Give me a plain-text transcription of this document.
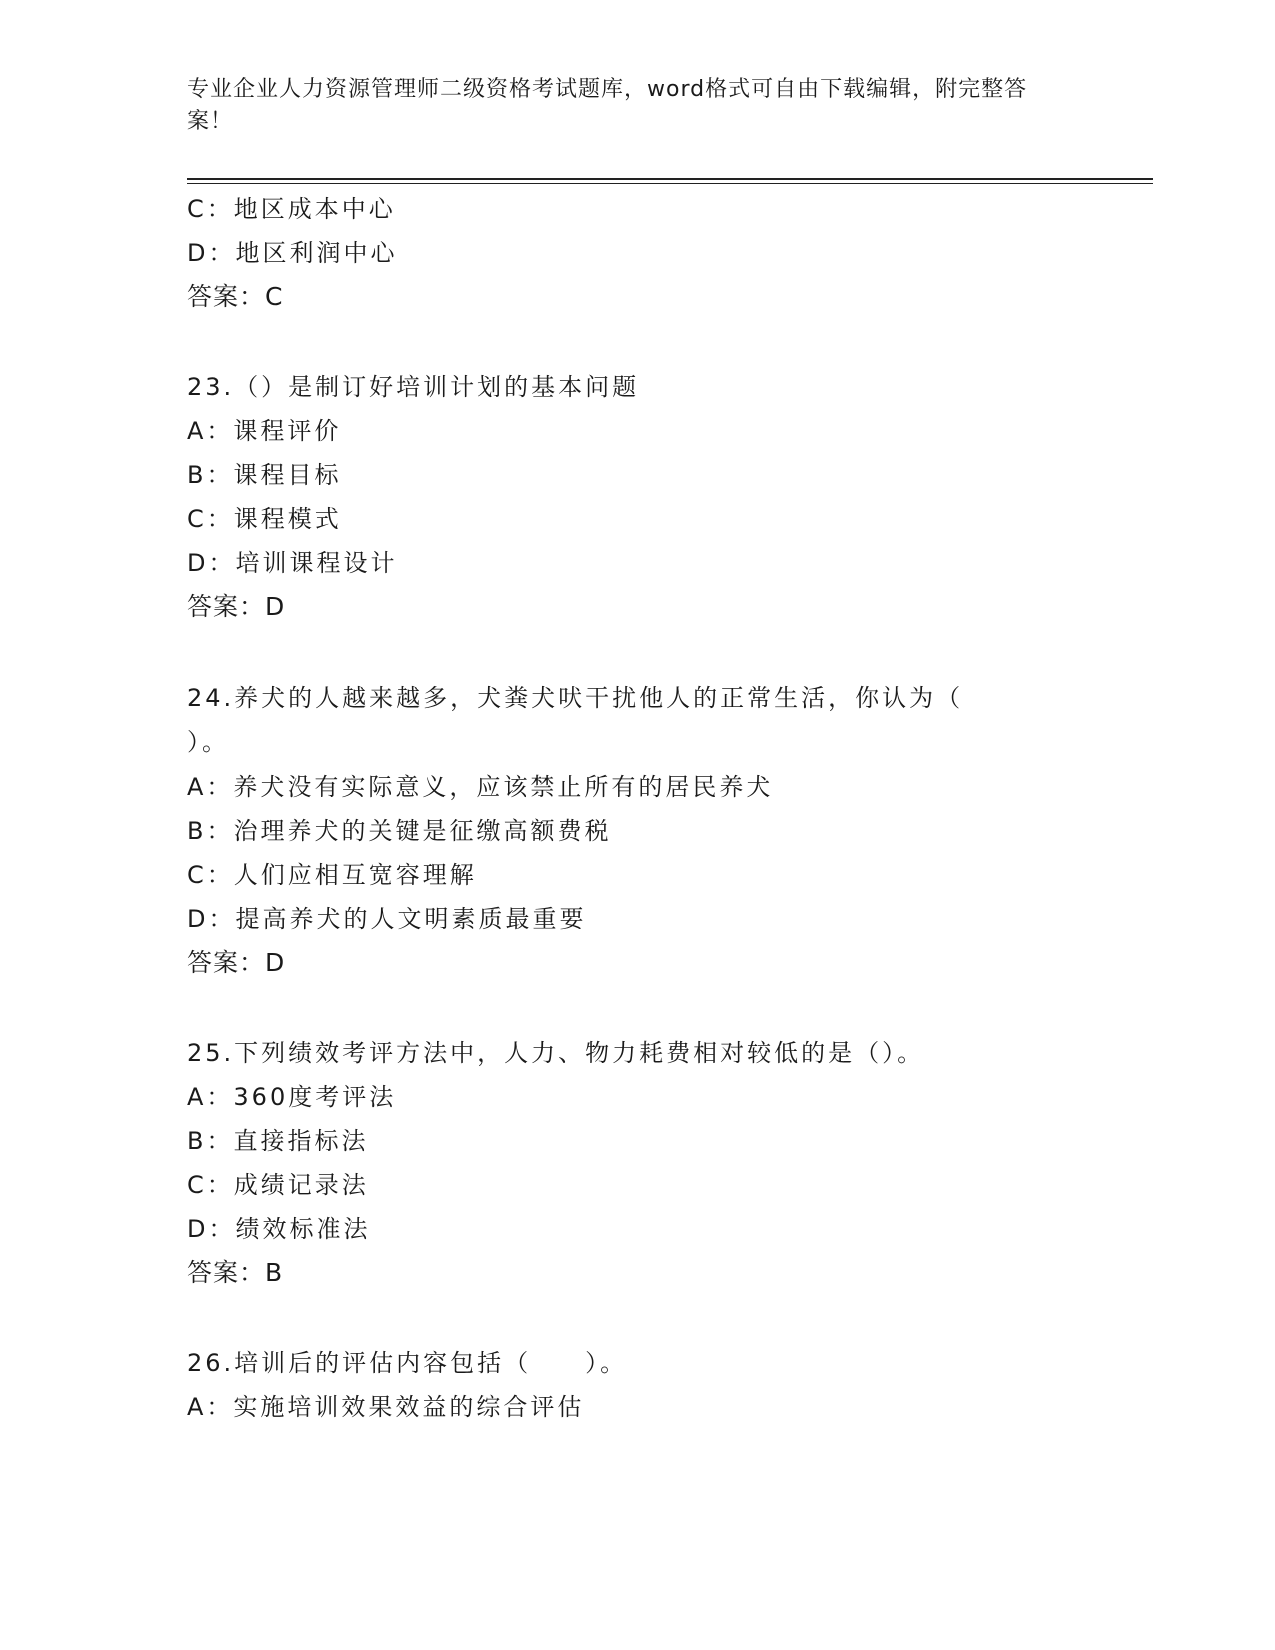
专业企业人力资源管理师二级资格考试题库，word格式可自由下载编辑，附完整答案！
C：地区成本中心
D：地区利润中心
答案：C
23.（）是制订好培训计划的基本问题
A：课程评价
B：课程目标
C：课程模式
D：培训课程设计
答案：D
24.养犬的人越来越多，犬粪犬吠干扰他人的正常生活，你认为（
）。
A：养犬没有实际意义，应该禁止所有的居民养犬
B：治理养犬的关键是征缴高额费税
C：人们应相互宽容理解
D：提高养犬的人文明素质最重要
答案：D
25.下列绩效考评方法中，人力、物力耗费相对较低的是（）。
A：360度考评法
B：直接指标法
C：成绩记录法
D：绩效标准法
答案：B
26.培训后的评估内容包括（　　）。
A：实施培训效果效益的综合评估
